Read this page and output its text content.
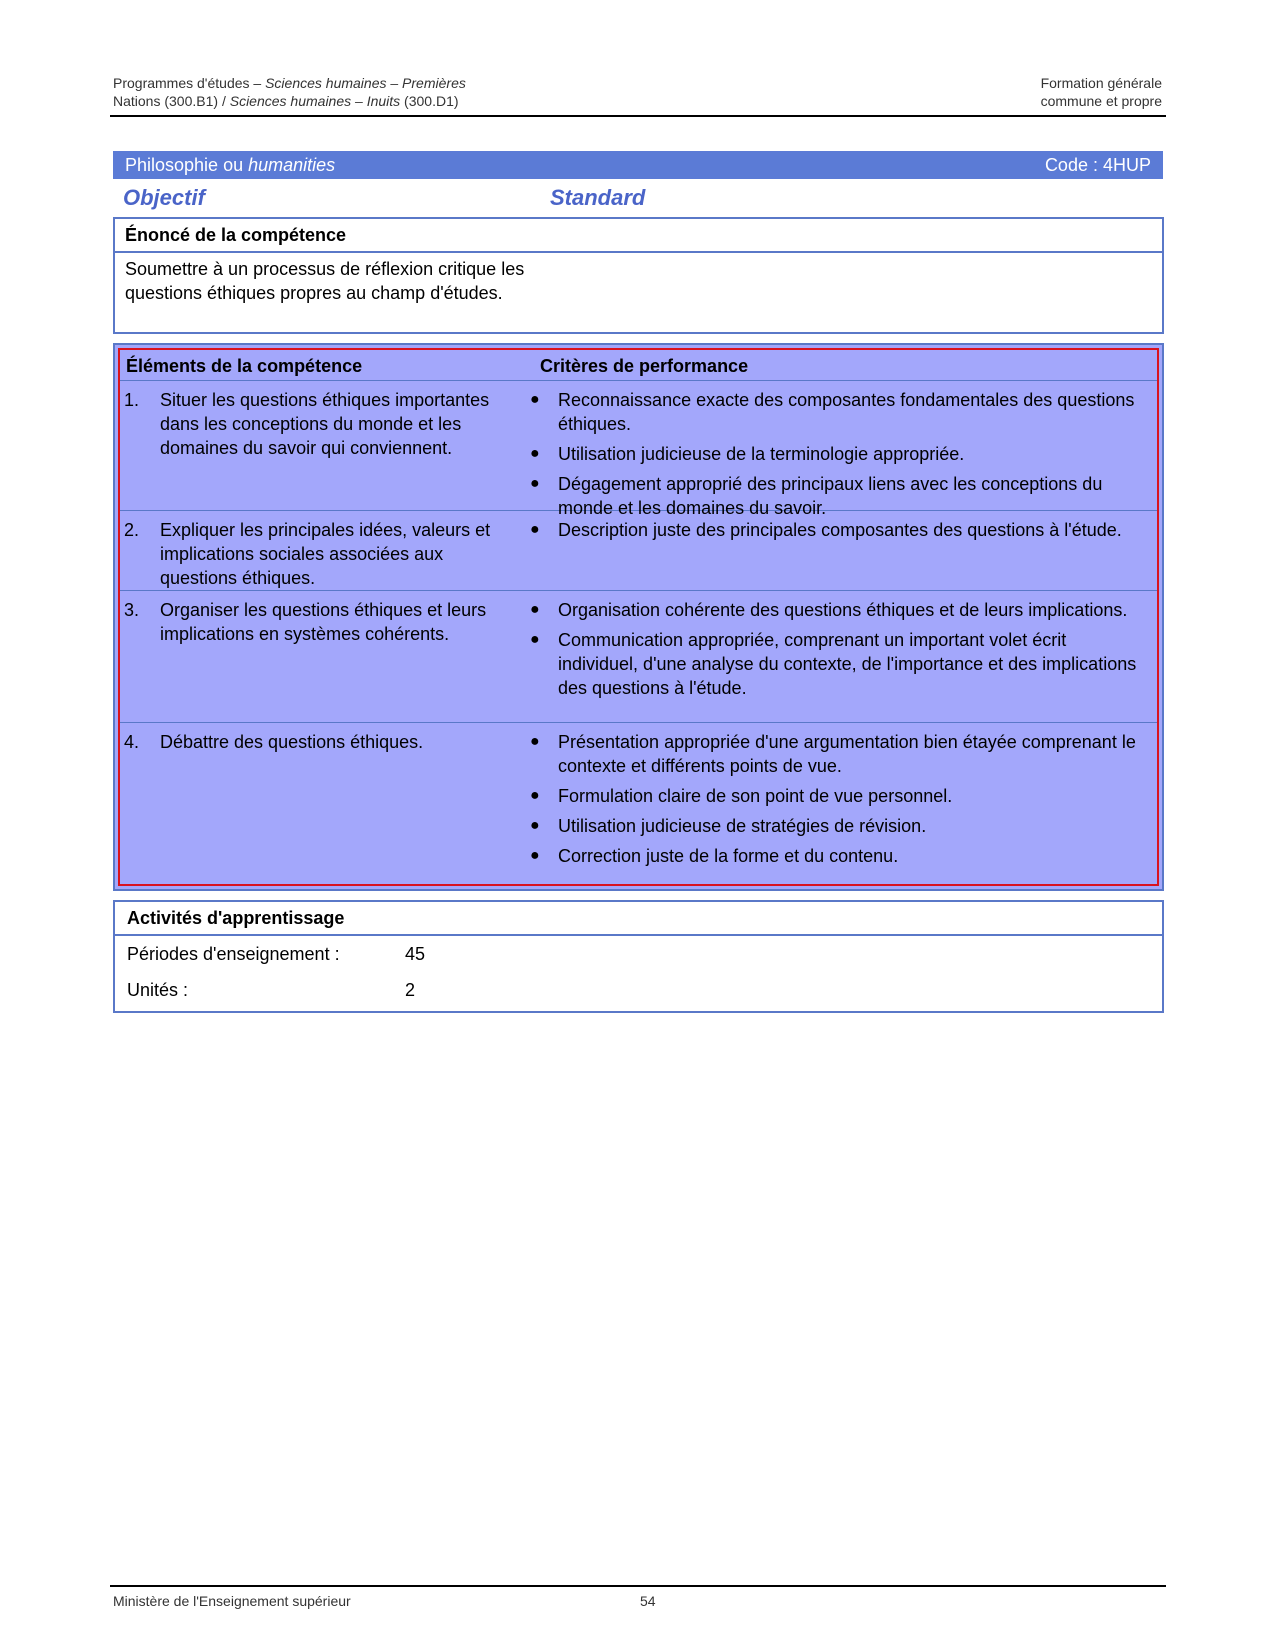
Programmes d'études – Sciences humaines – Premières
Nations (300.B1) / Sciences humaines – Inuits (300.D1)
Formation générale
commune et propre
Philosophie ou humanities	Code : 4HUP
Objectif	Standard
Énoncé de la compétence
Soumettre à un processus de réflexion critique les questions éthiques propres au champ d'études.
Éléments de la compétence	Critères de performance
1. Situer les questions éthiques importantes dans les conceptions du monde et les domaines du savoir qui conviennent.
● Reconnaissance exacte des composantes fondamentales des questions éthiques.
● Utilisation judicieuse de la terminologie appropriée.
● Dégagement approprié des principaux liens avec les conceptions du monde et les domaines du savoir.
2. Expliquer les principales idées, valeurs et implications sociales associées aux questions éthiques.
● Description juste des principales composantes des questions à l'étude.
3. Organiser les questions éthiques et leurs implications en systèmes cohérents.
● Organisation cohérente des questions éthiques et de leurs implications.
● Communication appropriée, comprenant un important volet écrit individuel, d'une analyse du contexte, de l'importance et des implications des questions à l'étude.
4. Débattre des questions éthiques.	● Présentation appropriée d'une argumentation bien étayée comprenant le contexte et différents points de vue.
● Formulation claire de son point de vue personnel.
● Utilisation judicieuse de stratégies de révision.
● Correction juste de la forme et du contenu.
Activités d'apprentissage
Périodes d'enseignement :	45
Unités :	2
Ministère de l'Enseignement supérieur	54
